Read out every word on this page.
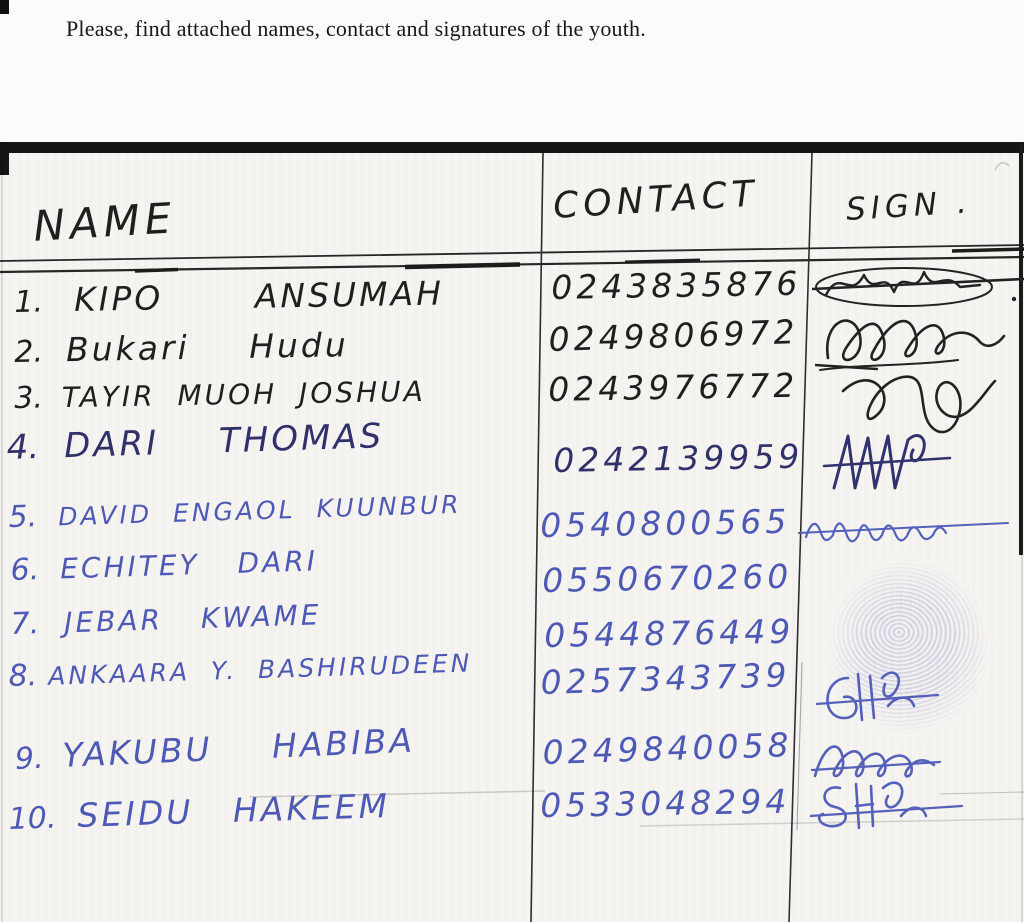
Please, find attached names, contact and signatures of the youth.
NAME	CONTACT	SIGN .
1. KIPO ANSUMAH
2. Bukari Hudu
3. TAYIR MUOH JOSHUA
4. DARI THOMAS
5. DAVID ENGAOL KUUNBUR
6. ECHITEY DARI
7. JEBAR KWAME
8. ANKAARA Y. BASHIRUDEEN
9. YAKUBU HABIBA
10. SEIDU HAKEEM
0243835876
0249806972
0243976772
0242139959
0540800565
0550670260
0544876449
0257343739
0249840058
0533048294
